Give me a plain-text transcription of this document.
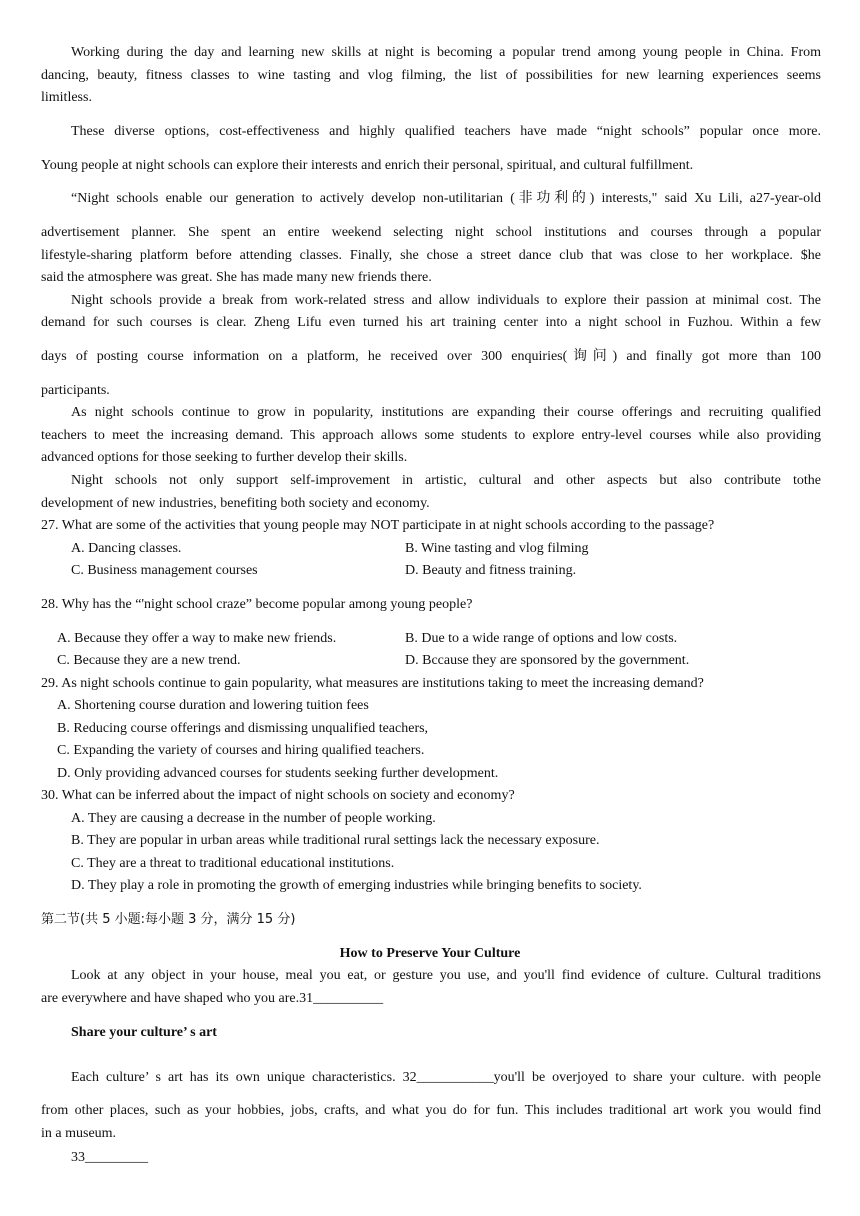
Working during the day and learning new skills at night is becoming a popular trend among young people in China. From
dancing, beauty, fitness classes to wine tasting and vlog filming, the list of possibilities for new learning experiences seems
limitless.
These diverse options, cost-effectiveness and highly qualified teachers have made “night schools” popular once more.
Young people at night schools can explore their interests and enrich their personal, spiritual, and cultural fulfillment.
“Night schools enable our generation to actively develop non-utilitarian (非功利的) interests," said Xu Lili, a27-year-old
advertisement planner. She spent an entire weekend selecting night school institutions and courses through a popular
lifestyle-sharing platform before attending classes. Finally, she chose a street dance club that was close to her workplace. $he
said the atmosphere was great. She has made many new friends there.
Night schools provide a break from work-related stress and allow individuals to explore their passion at minimal cost. The
demand for such courses is clear. Zheng Lifu even turned his art training center into a night school in Fuzhou. Within a few
days of posting course information on a platform, he received over 300 enquiries(询问) and finally got more than 100
participants.
As night schools continue to grow in popularity, institutions are expanding their course offerings and recruiting qualified
teachers to meet the increasing demand. This approach allows some students to explore entry-level courses while also providing
advanced options for those seeking to further develop their skills.
Night schools not only support self-improvement in artistic, cultural and other aspects but also contribute tothe
development of new industries, benefiting both society and economy.
27. What are some of the activities that young people may NOT participate in at night schools according to the passage?
A. Dancing classes.	B. Wine tasting and vlog filming
C. Business management courses	D. Beauty and fitness training.
28. Why has the “'night school craze” become popular among young people?
A. Because they offer a way to make new friends.	B. Due to a wide range of options and low costs.
C. Because they are a new trend.	D. Bccause they are sponsored by the government.
29. As night schools continue to gain popularity, what measures are institutions taking to meet the increasing demand?
A. Shortening course duration and lowering tuition fees
B. Reducing course offerings and dismissing unqualified teachers,
C. Expanding the variety of courses and hiring qualified teachers.
D. Only providing advanced courses for students seeking further development.
30. What can be inferred about the impact of night schools on society and economy?
A. They are causing a decrease in the number of people working.
B. They are popular in urban areas while traditional rural settings lack the necessary exposure.
C. They are a threat to traditional educational institutions.
D. They play a role in promoting the growth of emerging industries while bringing benefits to society.
第二节(共 5 小题:每小题 3 分，满分 15 分)
How to Preserve Your Culture
Look at any object in your house, meal you eat, or gesture you use, and you'll find evidence of culture. Cultural traditions
are everywhere and have shaped who you are.31__________
Share your culture’ s art
Each culture’ s art has its own unique characteristics. 32___________you'll be overjoyed to share your culture. with people
from other places, such as your hobbies, jobs, crafts, and what you do for fun. This includes traditional art work you would find
in a museum.
33_________
